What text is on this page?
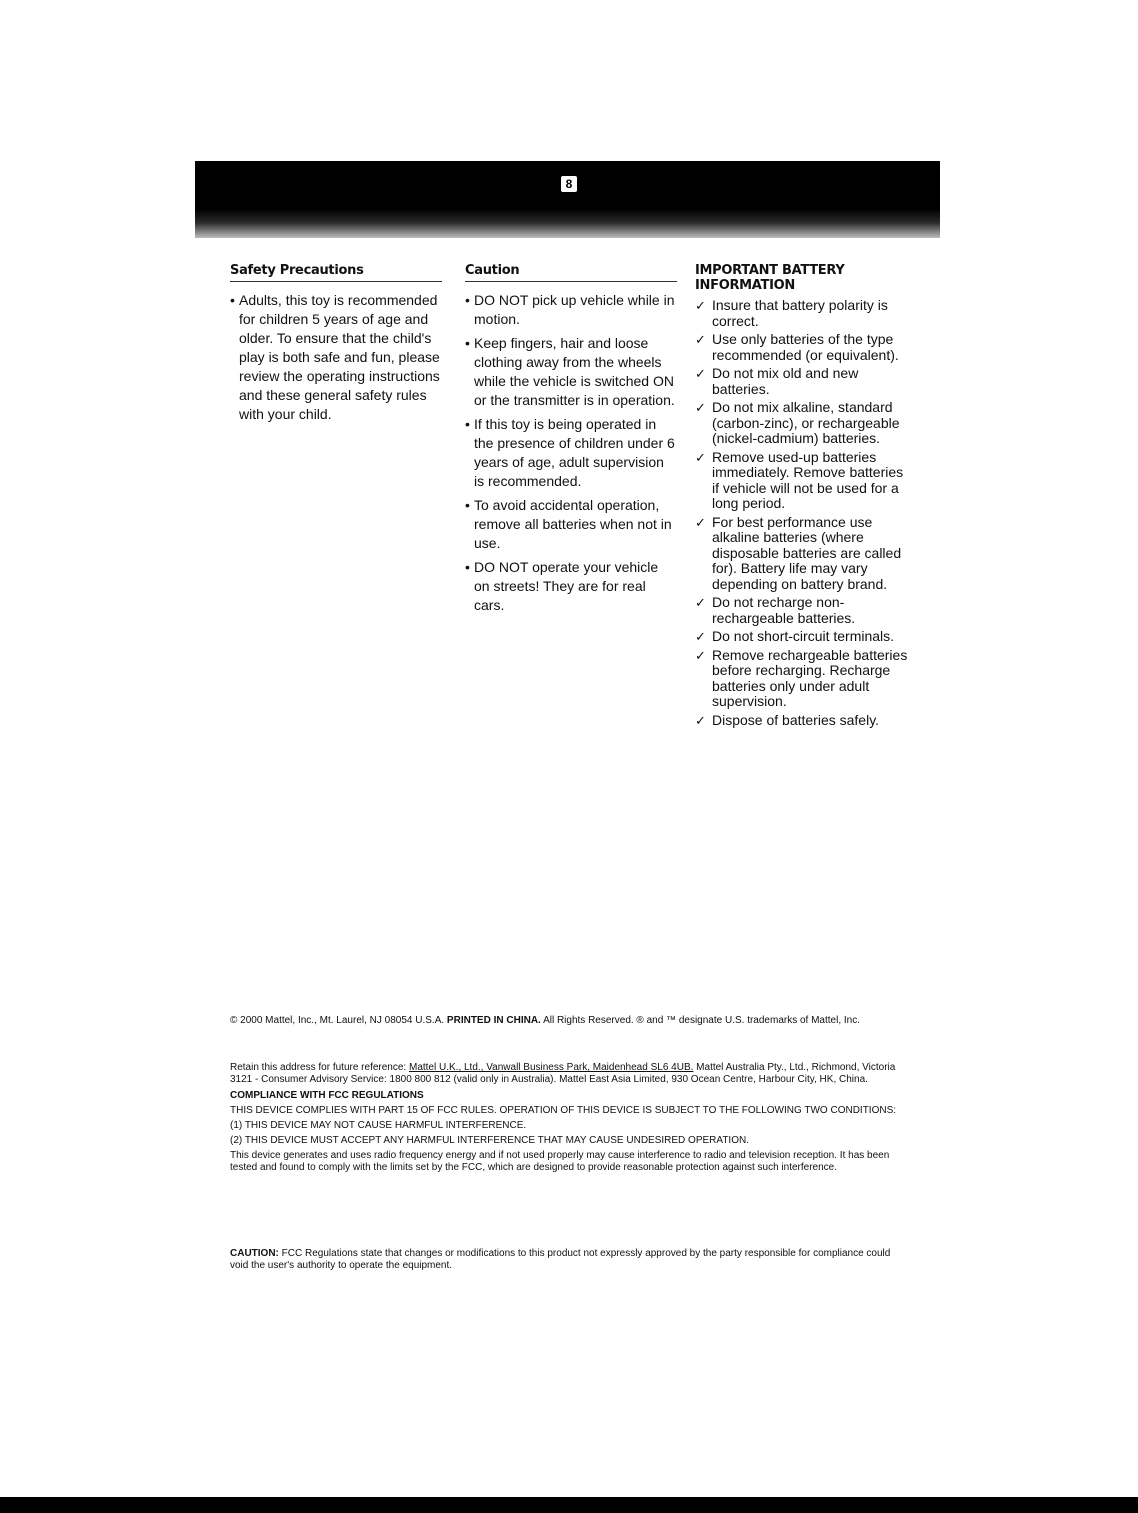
8
Safety Precautions
• Adults, this toy is recommended for children 5 years of age and older. To ensure that the child's play is both safe and fun, please review the operating instructions and these general safety rules with your child.
Caution
• DO NOT pick up vehicle while in motion.
• Keep fingers, hair and loose clothing away from the wheels while the vehicle is switched ON or the transmitter is in operation.
• If this toy is being operated in the presence of children under 6 years of age, adult supervision is recommended.
• To avoid accidental operation, remove all batteries when not in use.
• DO NOT operate your vehicle on streets! They are for real cars.
IMPORTANT BATTERY INFORMATION
✓ Insure that battery polarity is correct.
✓ Use only batteries of the type recommended (or equivalent).
✓ Do not mix old and new batteries.
✓ Do not mix alkaline, standard (carbon-zinc), or rechargeable (nickel-cadmium) batteries.
✓ Remove used-up batteries immediately. Remove batteries if vehicle will not be used for a long period.
✓ For best performance use alkaline batteries (where disposable batteries are called for). Battery life may vary depending on battery brand.
✓ Do not recharge non-rechargeable batteries.
✓ Do not short-circuit terminals.
✓ Remove rechargeable batteries before recharging. Recharge batteries only under adult supervision.
✓ Dispose of batteries safely.

© 2000 Mattel, Inc., Mt. Laurel, NJ 08054 U.S.A. PRINTED IN CHINA. All Rights Reserved. ® and ™ designate U.S. trademarks of Mattel, Inc.

Retain this address for future reference: Mattel U.K., Ltd., Vanwall Business Park, Maidenhead SL6 4UB. Mattel Australia Pty., Ltd., Richmond, Victoria 3121 - Consumer Advisory Service: 1800 800 812 (valid only in Australia). Mattel East Asia Limited, 930 Ocean Centre, Harbour City, HK, China.

COMPLIANCE WITH FCC REGULATIONS

THIS DEVICE COMPLIES WITH PART 15 OF FCC RULES. OPERATION OF THIS DEVICE IS SUBJECT TO THE FOLLOWING TWO CONDITIONS:

(1) THIS DEVICE MAY NOT CAUSE HARMFUL INTERFERENCE.

(2) THIS DEVICE MUST ACCEPT ANY HARMFUL INTERFERENCE THAT MAY CAUSE UNDESIRED OPERATION.

This device generates and uses radio frequency energy and if not used properly may cause interference to radio and television reception. It has been tested and found to comply with the limits set by the FCC, which are designed to provide reasonable protection against such interference.

CAUTION: FCC Regulations state that changes or modifications to this product not expressly approved by the party responsible for compliance could void the user's authority to operate the equipment.
